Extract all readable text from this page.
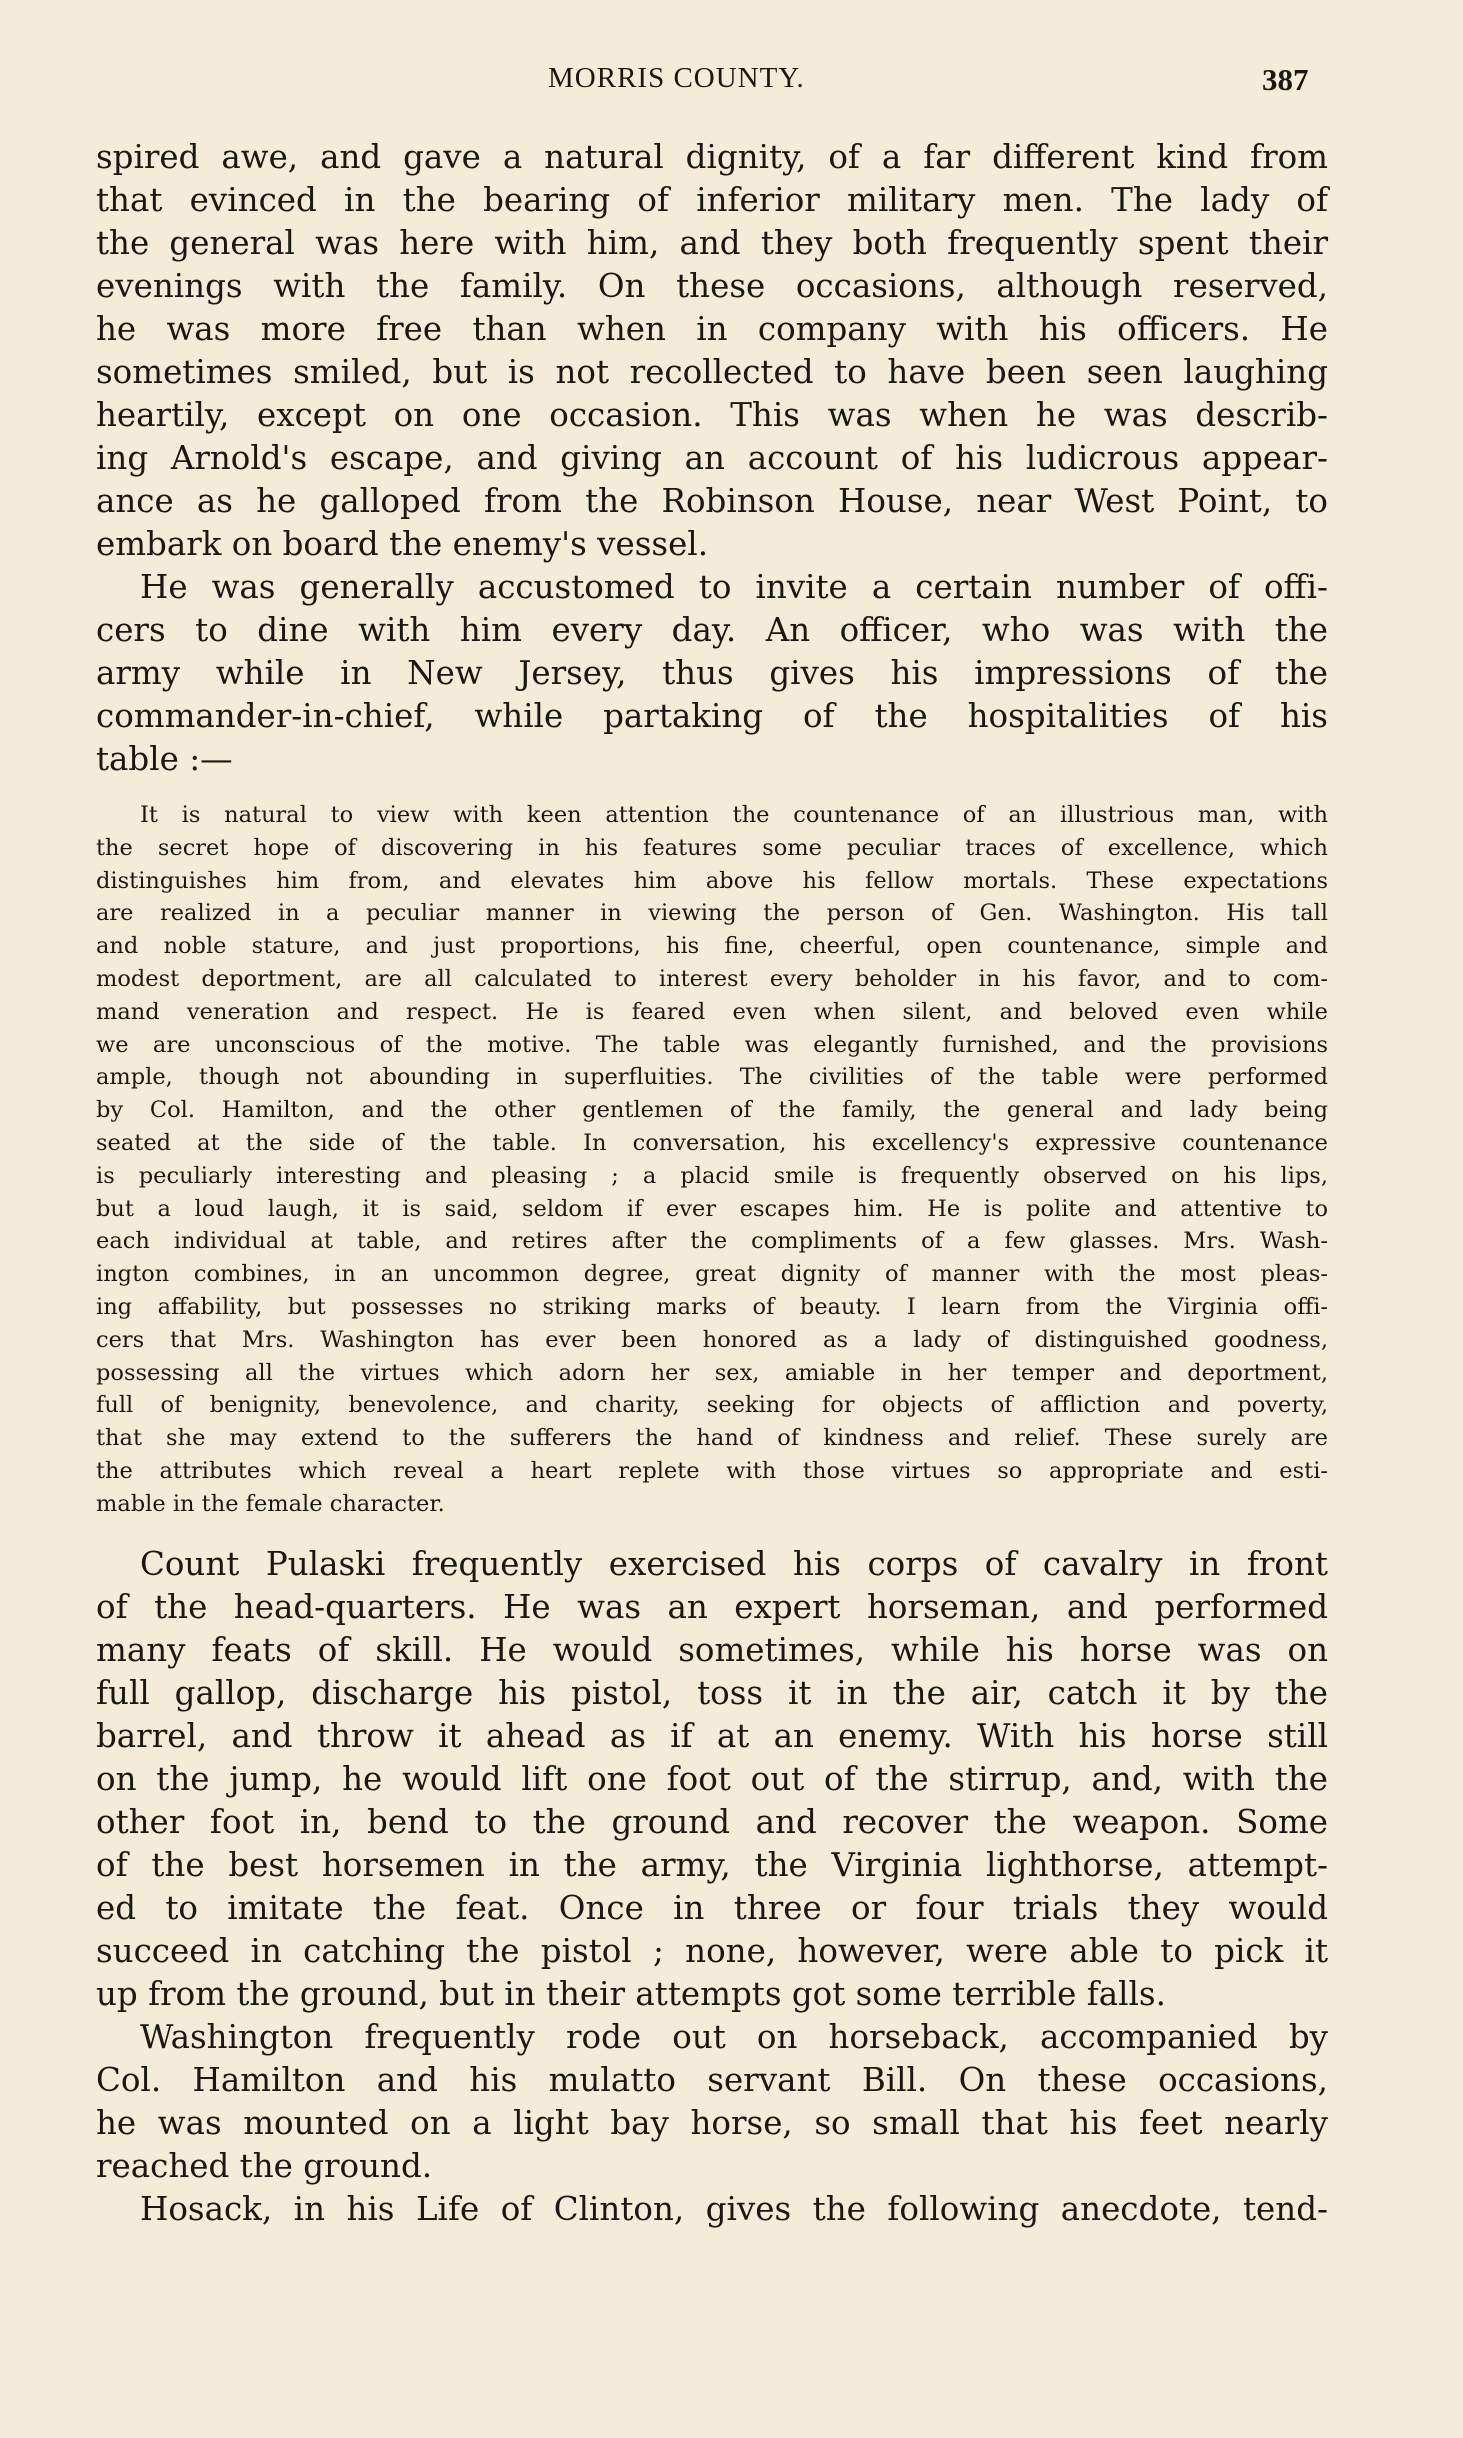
MORRIS COUNTY.	387
spired awe, and gave a natural dignity, of a far different kind from
that evinced in the bearing of inferior military men. The lady of
the general was here with him, and they both frequently spent their
evenings with the family. On these occasions, although reserved,
he was more free than when in company with his officers. He
sometimes smiled, but is not recollected to have been seen laughing
heartily, except on one occasion. This was when he was describ-
ing Arnold's escape, and giving an account of his ludicrous appear-
ance as he galloped from the Robinson House, near West Point, to
embark on board the enemy's vessel.
He was generally accustomed to invite a certain number of offi-
cers to dine with him every day. An officer, who was with the
army while in New Jersey, thus gives his impressions of the
commander-in-chief, while partaking of the hospitalities of his
table :—
It is natural to view with keen attention the countenance of an illustrious man, with
the secret hope of discovering in his features some peculiar traces of excellence, which
distinguishes him from, and elevates him above his fellow mortals. These expectations
are realized in a peculiar manner in viewing the person of Gen. Washington. His tall
and noble stature, and just proportions, his fine, cheerful, open countenance, simple and
modest deportment, are all calculated to interest every beholder in his favor, and to com-
mand veneration and respect. He is feared even when silent, and beloved even while
we are unconscious of the motive. The table was elegantly furnished, and the provisions
ample, though not abounding in superfluities. The civilities of the table were performed
by Col. Hamilton, and the other gentlemen of the family, the general and lady being
seated at the side of the table. In conversation, his excellency's expressive countenance
is peculiarly interesting and pleasing ; a placid smile is frequently observed on his lips,
but a loud laugh, it is said, seldom if ever escapes him. He is polite and attentive to
each individual at table, and retires after the compliments of a few glasses. Mrs. Wash-
ington combines, in an uncommon degree, great dignity of manner with the most pleas-
ing affability, but possesses no striking marks of beauty. I learn from the Virginia offi-
cers that Mrs. Washington has ever been honored as a lady of distinguished goodness,
possessing all the virtues which adorn her sex, amiable in her temper and deportment,
full of benignity, benevolence, and charity, seeking for objects of affliction and poverty,
that she may extend to the sufferers the hand of kindness and relief. These surely are
the attributes which reveal a heart replete with those virtues so appropriate and esti-
mable in the female character.
Count Pulaski frequently exercised his corps of cavalry in front
of the head-quarters. He was an expert horseman, and performed
many feats of skill. He would sometimes, while his horse was on
full gallop, discharge his pistol, toss it in the air, catch it by the
barrel, and throw it ahead as if at an enemy. With his horse still
on the jump, he would lift one foot out of the stirrup, and, with the
other foot in, bend to the ground and recover the weapon. Some
of the best horsemen in the army, the Virginia lighthorse, attempt-
ed to imitate the feat. Once in three or four trials they would
succeed in catching the pistol ; none, however, were able to pick it
up from the ground, but in their attempts got some terrible falls.
Washington frequently rode out on horseback, accompanied by
Col. Hamilton and his mulatto servant Bill. On these occasions,
he was mounted on a light bay horse, so small that his feet nearly
reached the ground.
Hosack, in his Life of Clinton, gives the following anecdote, tend-
